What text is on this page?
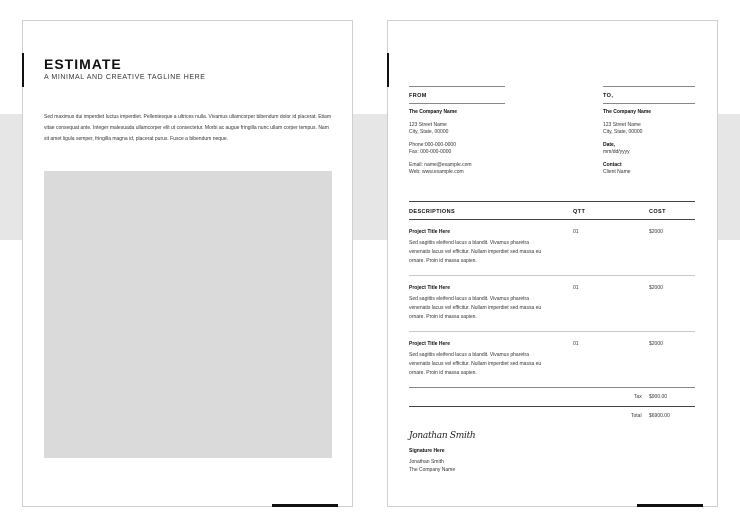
ESTIMATE
A MINIMAL AND CREATIVE TAGLINE HERE
Sed maximus dui imperdiet luctus imperdiet. Pellentesque a ultrices nulla. Vivamus ullamcorper bibendum dolor id placerat. Etiam vitae consequat ante. Integer malesuada ullamcorper elit ut consectetur. Morbi ac augue fringilla nunc ullam corper tempus. Nam sit amet ligula semper, fringilla magna id, placerat purus. Fusce a bibendum neque.
FROM
The Company Name
123 Street Name
City, State, 00000
Phone:000-000-0000
Fax: 000-000-0000
Email: name@example.com
Web: www.example.com
TO,
The Company Name
123 Street Name
City, State, 00000
Date,
mm/dd/yyyy
Contact
Client Name
DESCRIPTIONS	QTT	COST
Project Title Here
Sed sagittis eleifend lacus a blandit. Vivamus pharetra venenatis lacus vel efficitur. Nullam imperdiet sed massa eu ornare. Proin id massa sapien.
01	$2000
Project Title Here
Sed sagittis eleifend lacus a blandit. Vivamus pharetra venenatis lacus vel efficitur. Nullam imperdiet sed massa eu ornare. Proin id massa sapien.
01	$2000
Project Title Here
Sed sagittis eleifend lacus a blandit. Vivamus pharetra venenatis lacus vel efficitur. Nullam imperdiet sed massa eu ornare. Proin id massa sapien.
01	$2000
Tax $900.00
Total $6900.00
Jonathan Smith
Signature Here
Jonathan Smith
The Company Name
